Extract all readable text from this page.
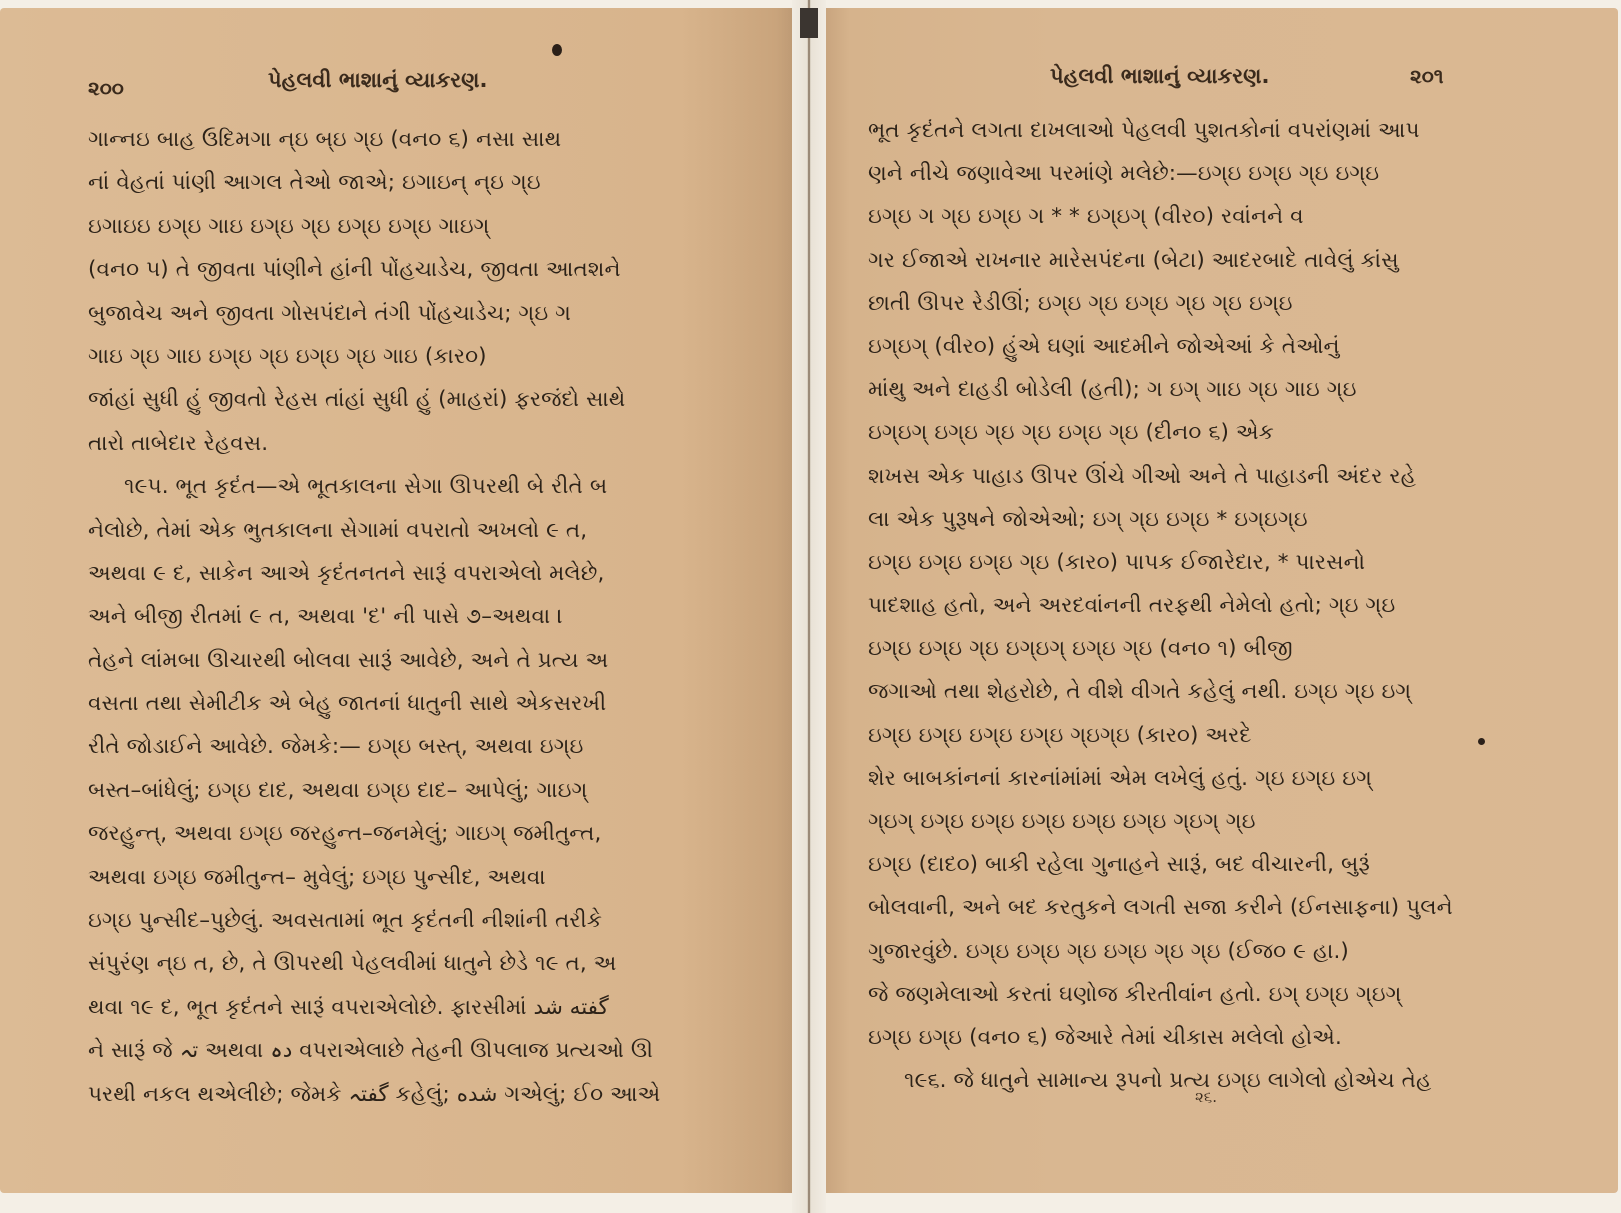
૨૦૦	પેહલવી ભાશાનું વ્યાકરણ.	પેહલવી ભાશાનું વ્યાકરણ.	૨૦૧
ગાન્નઇ બાહ ઉદિમગા ન્ઇ બ્ઇ ગ્ઇ (વન૦ ૬) નસા સાથ
નાં વેહતાં પાંણી આગલ તેઓ જાએ; ઇગાઇન્ ન્ઇ ગ્ઇ
ઇગાઇઇ ઇગ્ઇ ગાઇ ઇગ્ઇ ગ્ઇ ઇગ્ઇ ઇગ્ઇ ગાઇગ્
(વન૦ ૫) તે જીવતા પાંણીને હાંની પોંહચાડેચ, જીવતા આતશને
બુજાવેચ અને જીવતા ગોસપંદાને તંગી પોંહચાડેચ; ગ્ઇ ગ
ગાઇ ગ્ઇ ગાઇ ઇગ્ઇ ગ્ઇ ઇગ્ઇ ગ્ઇ ગાઇ (કાર૦)
જાંહાં સુધી હું જીવતો રેહસ તાંહાં સુધી હું (માહરાં) ફરજંદો સાથે
તારો તાબેદાર રેહવસ.
૧૯૫. ભૂત કૃદંત—એ ભૂતકાલના સેગા ઊપરથી બે રીતે બ
નેલોછે, તેમાં એક ભુતકાલના સેગામાં વપરાતો અખલો ૯ ત,
અથવા ૯ દ, સાકેન આએ કૃદંતનતને સારૂં વપરાએલો મલેછે,
અને બીજી રીતમાં ૯ ત, અથવા 'દ' ની પાસે ૭–અથવા ।
તેહને લાંમબા ઊચારથી બોલવા સારૂં આવેછે, અને તે પ્રત્ય અ
વસતા તથા સેમીટીક એ બેહુ જાતનાં ધાતુની સાથે એકસરખી
રીતે જોડાઈને આવેછે. જેમકે:— ઇગ્ઇ બસ્ત્, અથવા ઇગ્ઇ
બસ્ત–બાંધેલું; ઇગ્ઇ દાદ, અથવા ઇગ્ઇ દાદ– આપેલું; ગાઇગ્
જરહુન્ત્, અથવા ઇગ્ઇ જરહુન્ત–જનમેલું; ગાઇગ્ જમીતુન્ત,
અથવા ઇગ્ઇ જમીતુન્ત– મુવેલું; ઇગ્ઇ પુન્સીદ, અથવા
ઇગ્ઇ પુન્સીદ–પુછેલું. અવસતામાં ભૂત કૃદંતની નીશાંની તરીકે
સંપુરંણ ન્ઇ ત, છે, તે ઊપરથી પેહલવીમાં ધાતુને છેડે ૧૯ ત, અ
થવા ૧૯ દ, ભૂત કૃદંતને સારૂં વપરાએલોછે. ફારસીમાં گفته شد
ને સારૂં જે تہ અથવા دہ વપરાએલાછે તેહની ઊપલાજ પ્રત્યઓ ઊ
પરથી નકલ થએલીછે; જેમકે گفتہ કહેલું; شده ગએલું; ઈ૦ આએ
ભૂત કૃદંતને લગતા દાખલાઓ પેહલવી પુશતકોનાં વપરાંણમાં આપ
ણને નીચે જણાવેઆ પરમાંણે મલેછે:—ઇગ્ઇ ઇગ્ઇ ગ્ઇ ઇગ્ઇ
ઇગ્ઇ ગ ગ્ઇ ઇગ્ઇ ગ * * ઇગ્ઇગ્ (વીર૦) રવાંનને વ
ગર ઈજાએ રાખનાર મારેસપંદના (બેટા) આદરબાદે તાવેલું કાંસુ
છાતી ઊપર રેડીઊં; ઇગ્ઇ ગ્ઇ ઇગ્ઇ ગ્ઇ ગ્ઇ ઇગ્ઇ
ઇગ્ઇગ્ (વીર૦) હુંએ ઘણાં આદમીને જોએઆં કે તેઓનું
માંથુ અને દાહડી બોડેલી (હતી); ગ ઇગ્ ગાઇ ગ્ઇ ગાઇ ગ્ઇ
ઇગ્ઇગ્ ઇગ્ઇ ગ્ઇ ગ્ઇ ઇગ્ઇ ગ્ઇ (દીન૦ ૬) એક
શખસ એક પાહાડ ઊપર ઊંચે ગીઓ અને તે પાહાડની અંદર રહે
લા એક પુરૂષને જોએઓ; ઇગ્ ગ્ઇ ઇગ્ઇ * ઇગ્ઇગ્ઇ
ઇગ્ઇ ઇગ્ઇ ઇગ્ઇ ગ્ઇ (કાર૦) પાપક ઈજારેદાર, * પારસનો
પાદશાહ હતો, અને અરદવાંનની તરફથી નેમેલો હતો; ગ્ઇ ગ્ઇ
ઇગ્ઇ ઇગ્ઇ ગ્ઇ ઇગ્ઇગ્ ઇગ્ઇ ગ્ઇ (વન૦ ૧) બીજી
જગાઓ તથા શેહરોછે, તે વીશે વીગતે કહેલું નથી. ઇગ્ઇ ગ્ઇ ઇગ્
ઇગ્ઇ ઇગ્ઇ ઇગ્ઇ ઇગ્ઇ ગ્ઇગ્ઇ (કાર૦) અરદે
શેર બાબકાંનનાં કારનાંમાંમાં એમ લખેલું હતું. ગ્ઇ ઇગ્ઇ ઇગ્
ગ્ઇગ્ ઇગ્ઇ ઇગ્ઇ ઇગ્ઇ ઇગ્ઇ ઇગ્ઇ ગ્ઇગ્ ગ્ઇ
ઇગ્ઇ (દાદ૦) બાકી રહેલા ગુનાહને સારૂં, બદ વીચારની, બુરૂં
બોલવાની, અને બદ કરતુકને લગતી સજા કરીને (ઈનસાફના) પુલને
ગુજારવુંછે. ઇગ્ઇ ઇગ્ઇ ગ્ઇ ઇગ્ઇ ગ્ઇ ગ્ઇ (ઈજ૦ ૯ હા.)
જે જણમેલાઓ કરતાં ઘણોજ કીરતીવાંન હતો. ઇગ્ ઇગ્ઇ ગ્ઇગ્
ઇગ્ઇ ઇગ્ઇ (વન૦ ૬) જેઆરે તેમાં ચીકાસ મલેલો હોએ.
૧૯૬. જે ધાતુને સામાન્ય રૂપનો પ્રત્ય ઇગ્ઇ લાગેલો હોએચ તેહ
૨૬.
